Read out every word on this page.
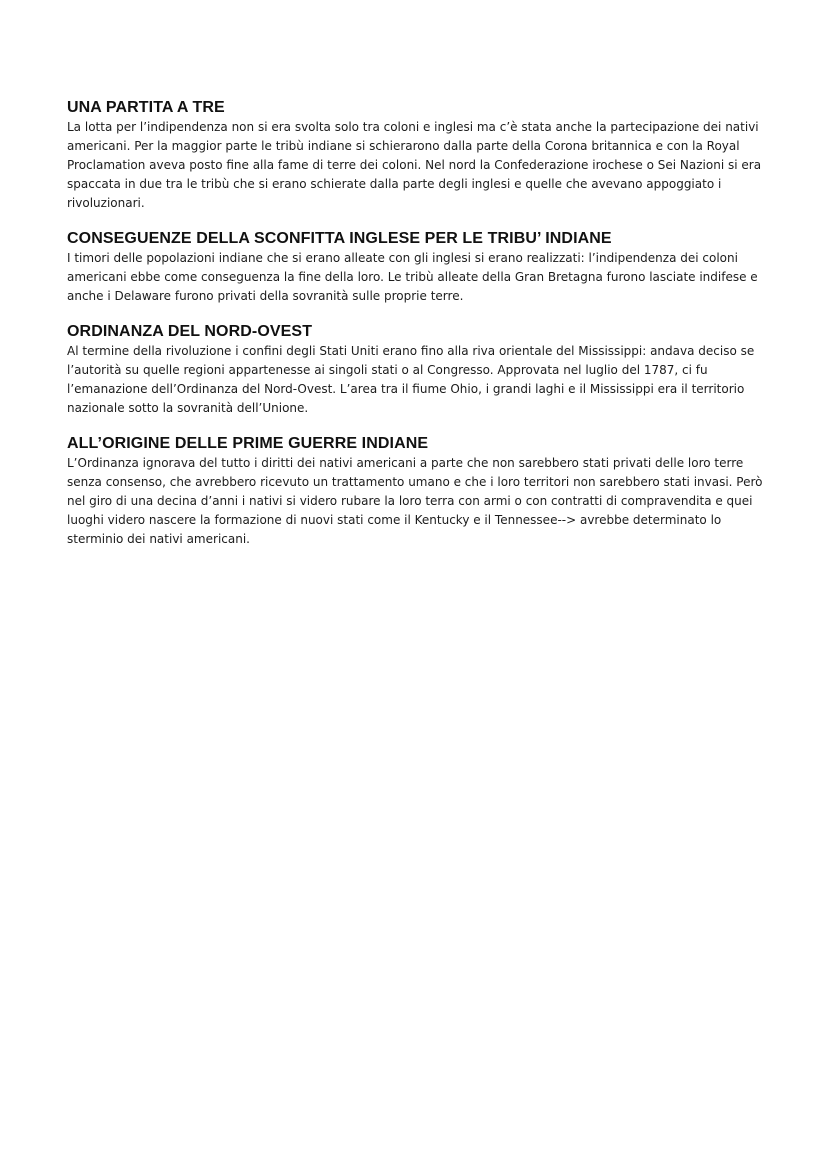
UNA PARTITA A TRE

La lotta per l’indipendenza non si era svolta solo tra coloni e inglesi ma c’è stata anche la partecipazione dei nativi americani. Per la maggior parte le tribù indiane si schierarono dalla parte della Corona britannica e con la Royal Proclamation aveva posto fine alla fame di terre dei coloni. Nel nord la Confederazione irochese o Sei Nazioni si era spaccata in due tra le tribù che si erano schierate dalla parte degli inglesi e quelle che avevano appoggiato i rivoluzionari.

CONSEGUENZE DELLA SCONFITTA INGLESE PER LE TRIBU’ INDIANE

I timori delle popolazioni indiane che si erano alleate con gli inglesi si erano realizzati: l’indipendenza dei coloni americani ebbe come conseguenza la fine della loro. Le tribù alleate della Gran Bretagna furono lasciate indifese e anche i Delaware furono privati della sovranità sulle proprie terre.

ORDINANZA DEL NORD-OVEST

Al termine della rivoluzione i confini degli Stati Uniti erano fino alla riva orientale del Mississippi: andava deciso se l’autorità su quelle regioni appartenesse ai singoli stati o al Congresso. Approvata nel luglio del 1787, ci fu l’emanazione dell’Ordinanza del Nord-Ovest. L’area tra il fiume Ohio, i grandi laghi e il Mississippi era il territorio nazionale sotto la sovranità dell’Unione.

ALL’ORIGINE DELLE PRIME GUERRE INDIANE

L’Ordinanza ignorava del tutto i diritti dei nativi americani a parte che non sarebbero stati privati delle loro terre senza consenso, che avrebbero ricevuto un trattamento umano e che i loro territori non sarebbero stati invasi. Però nel giro di una decina d’anni i nativi si videro rubare la loro terra con armi o con contratti di compravendita e quei luoghi videro nascere la formazione di nuovi stati come il Kentucky e il Tennessee--> avrebbe determinato lo sterminio dei nativi americani.
